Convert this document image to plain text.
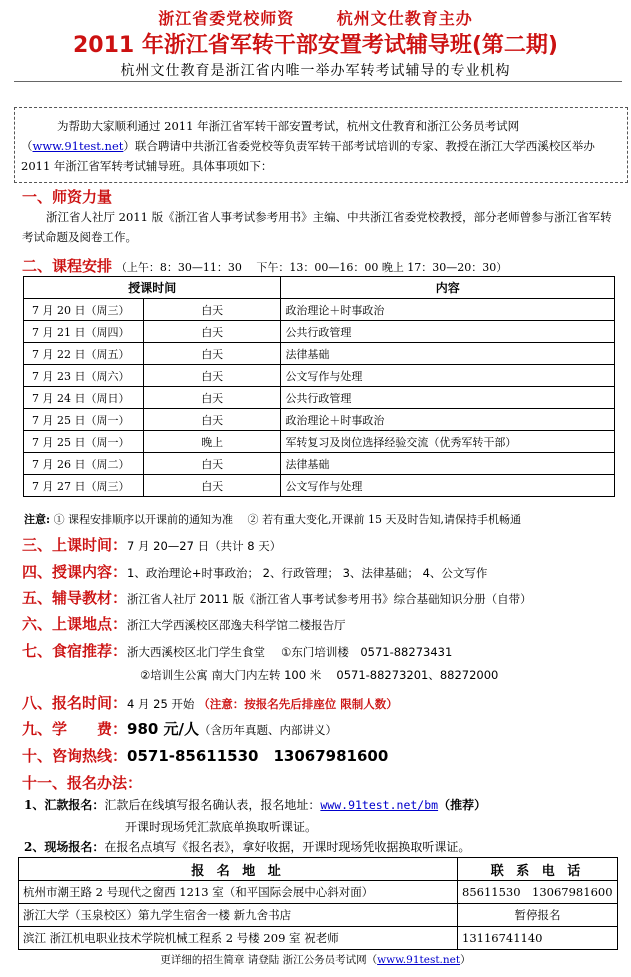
浙江省委党校师资	杭州文仕教育主办
2011 年浙江省军转干部安置考试辅导班(第二期)
杭州文仕教育是浙江省内唯一举办军转考试辅导的专业机构

为帮助大家顺利通过 2011 年浙江省军转干部安置考试，杭州文仕教育和浙江公务员考试网（www.91test.net）联合聘请中共浙江省委党校等负责军转干部考试培训的专家、教授在浙江大学西溪校区举办 2011 年浙江省军转考试辅导班。具体事项如下：

一、师资力量
浙江省人社厅 2011 版《浙江省人事考试参考用书》主编、中共浙江省委党校教授，部分老师曾参与浙江省军转考试命题及阅卷工作。
二、课程安排 （上午：8：30—11：30　 下午：13：00—16：00 晚上 17：30—20：30）
授课时间		内容
7 月 20 日（周三）	白天	政治理论＋时事政治
7 月 21 日（周四）	白天	公共行政管理
7 月 22 日（周五）	白天	法律基础
7 月 23 日（周六）	白天	公文写作与处理
7 月 24 日（周日）	白天	公共行政管理
7 月 25 日（周一）	白天	政治理论＋时事政治
7 月 25 日（周一）	晚上	军转复习及岗位选择经验交流（优秀军转干部）
7 月 26 日（周二）	白天	法律基础
7 月 27 日（周三）	白天	公文写作与处理
注意: ① 课程安排顺序以开课前的通知为准　 ② 若有重大变化,开课前 15 天及时告知,请保持手机畅通
三、上课时间：7 月 20—27 日（共计 8 天）
四、授课内容：1、政治理论+时事政治； 2、行政管理； 3、法律基础； 4、公文写作
五、辅导教材：浙江省人社厅 2011 版《浙江省人事考试参考用书》综合基础知识分册（自带）
六、上课地点：浙江大学西溪校区邵逸夫科学馆二楼报告厅
七、食宿推荐：浙大西溪校区北门学生食堂 ①东门培训楼　0571-88273431
②培训生公寓 南大门内左转 100 米　 0571-88273201、88272000
八、报名时间：4 月 25 开始 （注意：按报名先后排座位 限制人数）
九、学　　费：980 元/人（含历年真题、内部讲义）
十、咨询热线：0571-85611530　13067981600
十一、报名办法：
1、汇款报名：汇款后在线填写报名确认表，报名地址：www.91test.net/bm（推荐）
开课时现场凭汇款底单换取听课证。
2、现场报名：在报名点填写《报名表》，拿好收据，开课时现场凭收据换取听课证。
报 名 地 址	联 系 电 话
杭州市潮王路 2 号现代之窗西 1213 室（和平国际会展中心斜对面）	85611530　13067981600
浙江大学（玉泉校区）第九学生宿舍一楼 新九舍书店	暂停报名
滨江 浙江机电职业技术学院机械工程系 2 号楼 209 室 祝老师	13116741140
更详细的招生简章 请登陆 浙江公务员考试网（www.91test.net）
